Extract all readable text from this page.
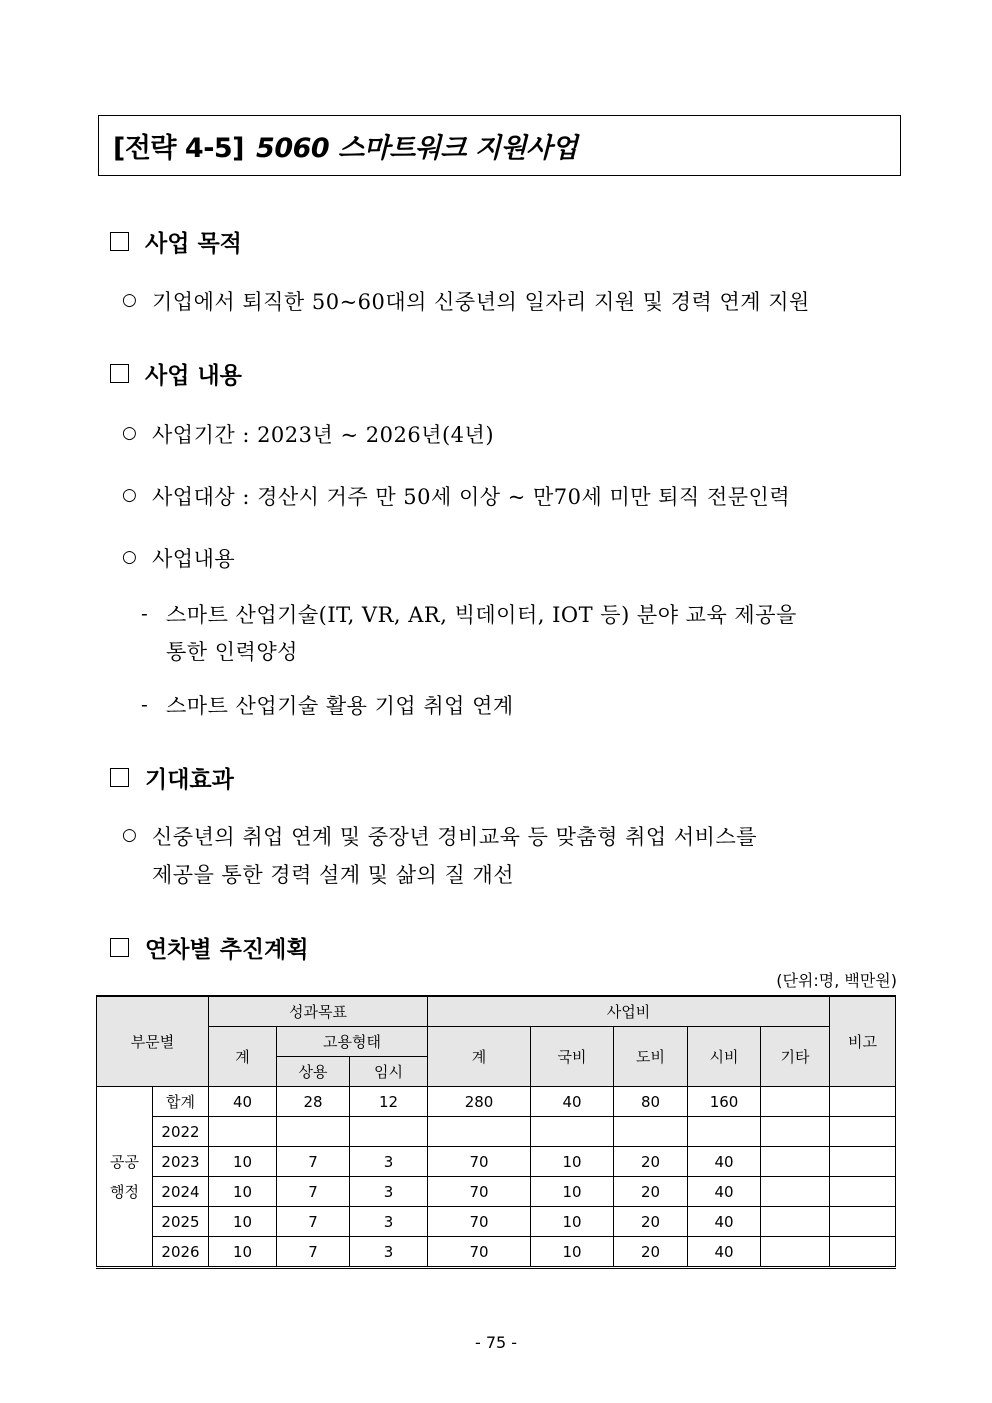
[전략 4-5] 5060 스마트워크 지원사업
사업 목적
○ 기업에서 퇴직한 50~60대의 신중년의 일자리 지원 및 경력 연계 지원
사업 내용
○ 사업기간 : 2023년 ~ 2026년(4년)
○ 사업대상 : 경산시 거주 만 50세 이상 ~ 만70세 미만 퇴직 전문인력
○ 사업내용
- 스마트 산업기술(IT, VR, AR, 빅데이터, IOT 등) 분야 교육 제공을
통한 인력양성
- 스마트 산업기술 활용 기업 취업 연계
기대효과
○ 신중년의 취업 연계 및 중장년 경비교육 등 맞춤형 취업 서비스를
제공을 통한 경력 설계 및 삶의 질 개선
연차별 추진계획
(단위:명, 백만원)
부문별		성과목표			사업비					비고
		계	고용형태		계	국비	도비	시비	기타	
			상용	임시						
공공
행정	합계	40	28	12	280	40	80	160		
	2022									
	2023	10	7	3	70	10	20	40		
	2024	10	7	3	70	10	20	40		
	2025	10	7	3	70	10	20	40		
	2026	10	7	3	70	10	20	40		
- 75 -
